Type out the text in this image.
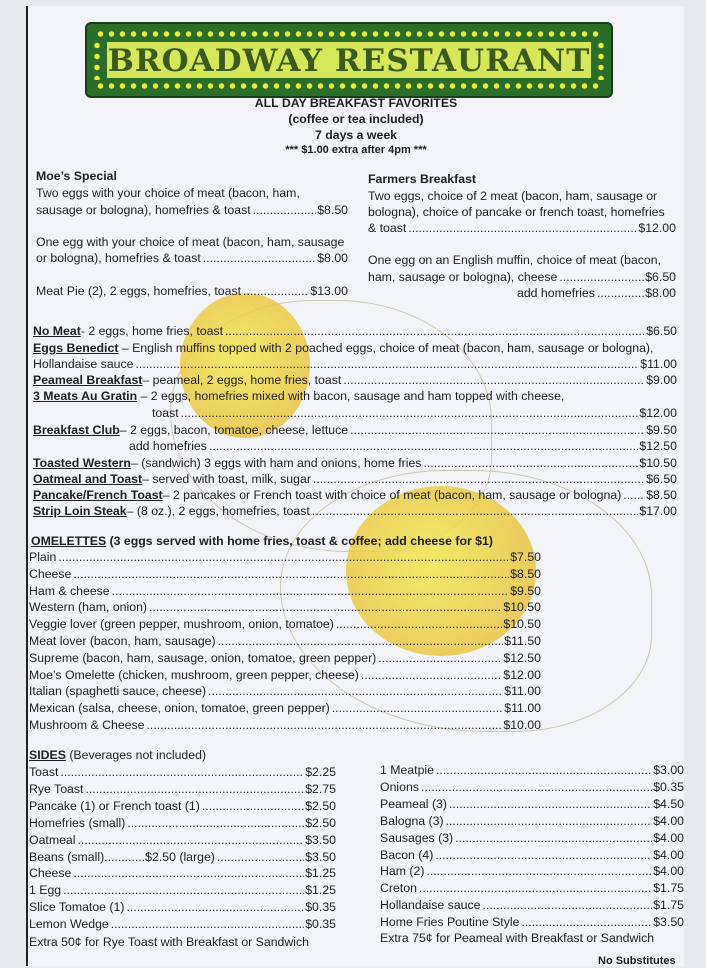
BROADWAY RESTAURANT
ALL DAY BREAKFAST FAVORITES
(coffee or tea included)
7 days a week
*** $1.00 extra after 4pm ***
Moe’s Special
Two eggs with your choice of meat (bacon, ham,
sausage or bologna), homefries & toast .....	$8.50
One egg with your choice of meat (bacon, ham, sausage
or bologna), homefries & toast .....	$8.00
Meat Pie (2), 2 eggs, homefries, toast .....	$13.00
Farmers Breakfast
Two eggs, choice of 2 meat (bacon, ham, sausage or
bologna), choice of pancake or french toast, homefries
& toast .....	$12.00
One egg on an English muffin, choice of meat (bacon,
ham, sausage or bologna), cheese .....	$6.50
add homefries .....	$8.00
No Meat - 2 eggs, home fries, toast .....	$6.50
Eggs Benedict – English muffins topped with 2 poached eggs, choice of meat (bacon, ham, sausage or bologna),
Hollandaise sauce .....	$11.00
Peameal Breakfast – peameal, 2 eggs, home fries, toast .....	$9.00
3 Meats Au Gratin – 2 eggs, homefries mixed with bacon, sausage and ham topped with cheese,
toast .....	$12.00
Breakfast Club – 2 eggs, bacon, tomatoe, cheese, lettuce .....	$9.50
add homefries .....	$12.50
Toasted Western – (sandwich) 3 eggs with ham and onions, home fries .....	$10.50
Oatmeal and Toast – served with toast, milk, sugar .....	$6.50
Pancake/French Toast – 2 pancakes or French toast with choice of meat (bacon, ham, sausage or bologna) ..... $8.50
Strip Loin Steak – (8 oz.), 2 eggs, homefries, toast .....	$17.00
OMELETTES (3 eggs served with home fries, toast & coffee; add cheese for $1)
Plain .....	$7.50
Cheese .....	$8.50
Ham & cheese .....	$9.50
Western (ham, onion) .....	$10.50
Veggie lover (green pepper, mushroom, onion, tomatoe) .....	$10.50
Meat lover (bacon, ham, sausage) .....	$11.50
Supreme (bacon, ham, sausage, onion, tomatoe, green pepper) .....	$12.50
Moe’s Omelette (chicken, mushroom, green pepper, cheese) .....	$12.00
Italian (spaghetti sauce, cheese) .....	$11.00
Mexican (salsa, cheese, onion, tomatoe, green pepper) .....	$11.00
Mushroom & Cheese .....	$10.00
SIDES (Beverages not included)
Toast .....	$2.25
Rye Toast .....	$2.75
Pancake (1) or French toast (1) .....	$2.50
Homefries (small) .....	$2.50
Oatmeal .....	$3.50
Beans (small)............$2.50 (large) .....	$3.50
Cheese .....	$1.25
1 Egg .....	$1.25
Slice Tomatoe (1) .....	$0.35
Lemon Wedge .....	$0.35
1 Meatpie .....	$3.00
Onions .....	$0.35
Peameal (3) .....	$4.50
Balogna (3) .....	$4.00
Sausages (3) .....	$4.00
Bacon (4) .....	$4.00
Ham (2) .....	$4.00
Creton .....	$1.75
Hollandaise sauce .....	$1.75
Home Fries Poutine Style .....	$3.50
Extra 50¢ for Rye Toast with Breakfast or Sandwich	Extra 75¢ for Peameal with Breakfast or Sandwich
No Substitutes
